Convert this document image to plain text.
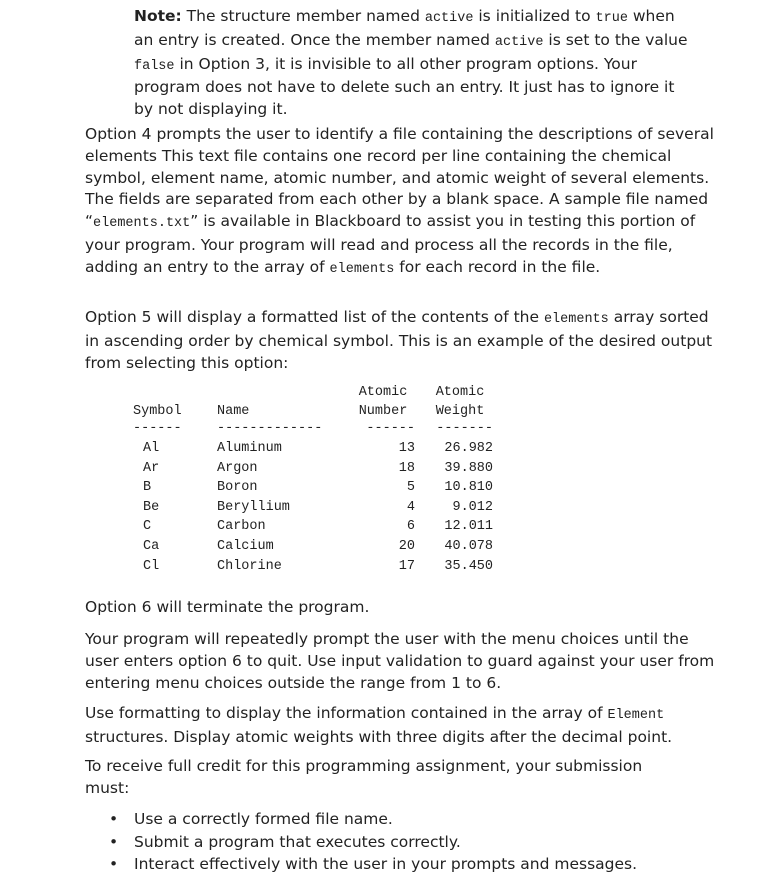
Note: The structure member named active is initialized to true when an entry is created. Once the member named active is set to the value false in Option 3, it is invisible to all other program options. Your program does not have to delete such an entry. It just has to ignore it by not displaying it.
Option 4 prompts the user to identify a file containing the descriptions of several elements This text file contains one record per line containing the chemical symbol, element name, atomic number, and atomic weight of several elements. The fields are separated from each other by a blank space. A sample file named “elements.txt” is available in Blackboard to assist you in testing this portion of your program. Your program will read and process all the records in the file, adding an entry to the array of elements for each record in the file.
Option 5 will display a formatted list of the contents of the elements array sorted in ascending order by chemical symbol. This is an example of the desired output from selecting this option:
		Atomic	Atomic
Symbol	Name	Number	Weight
------	-------------	------	-------
Al	Aluminum	13	26.982
Ar	Argon	18	39.880
B	Boron	5	10.810
Be	Beryllium	4	9.012
C	Carbon	6	12.011
Ca	Calcium	20	40.078
Cl	Chlorine	17	35.450
Option 6 will terminate the program.
Your program will repeatedly prompt the user with the menu choices until the user enters option 6 to quit. Use input validation to guard against your user from entering menu choices outside the range from 1 to 6.
Use formatting to display the information contained in the array of Element structures. Display atomic weights with three digits after the decimal point.
To receive full credit for this programming assignment, your submission must:
• Use a correctly formed file name.
• Submit a program that executes correctly.
• Interact effectively with the user in your prompts and messages.
